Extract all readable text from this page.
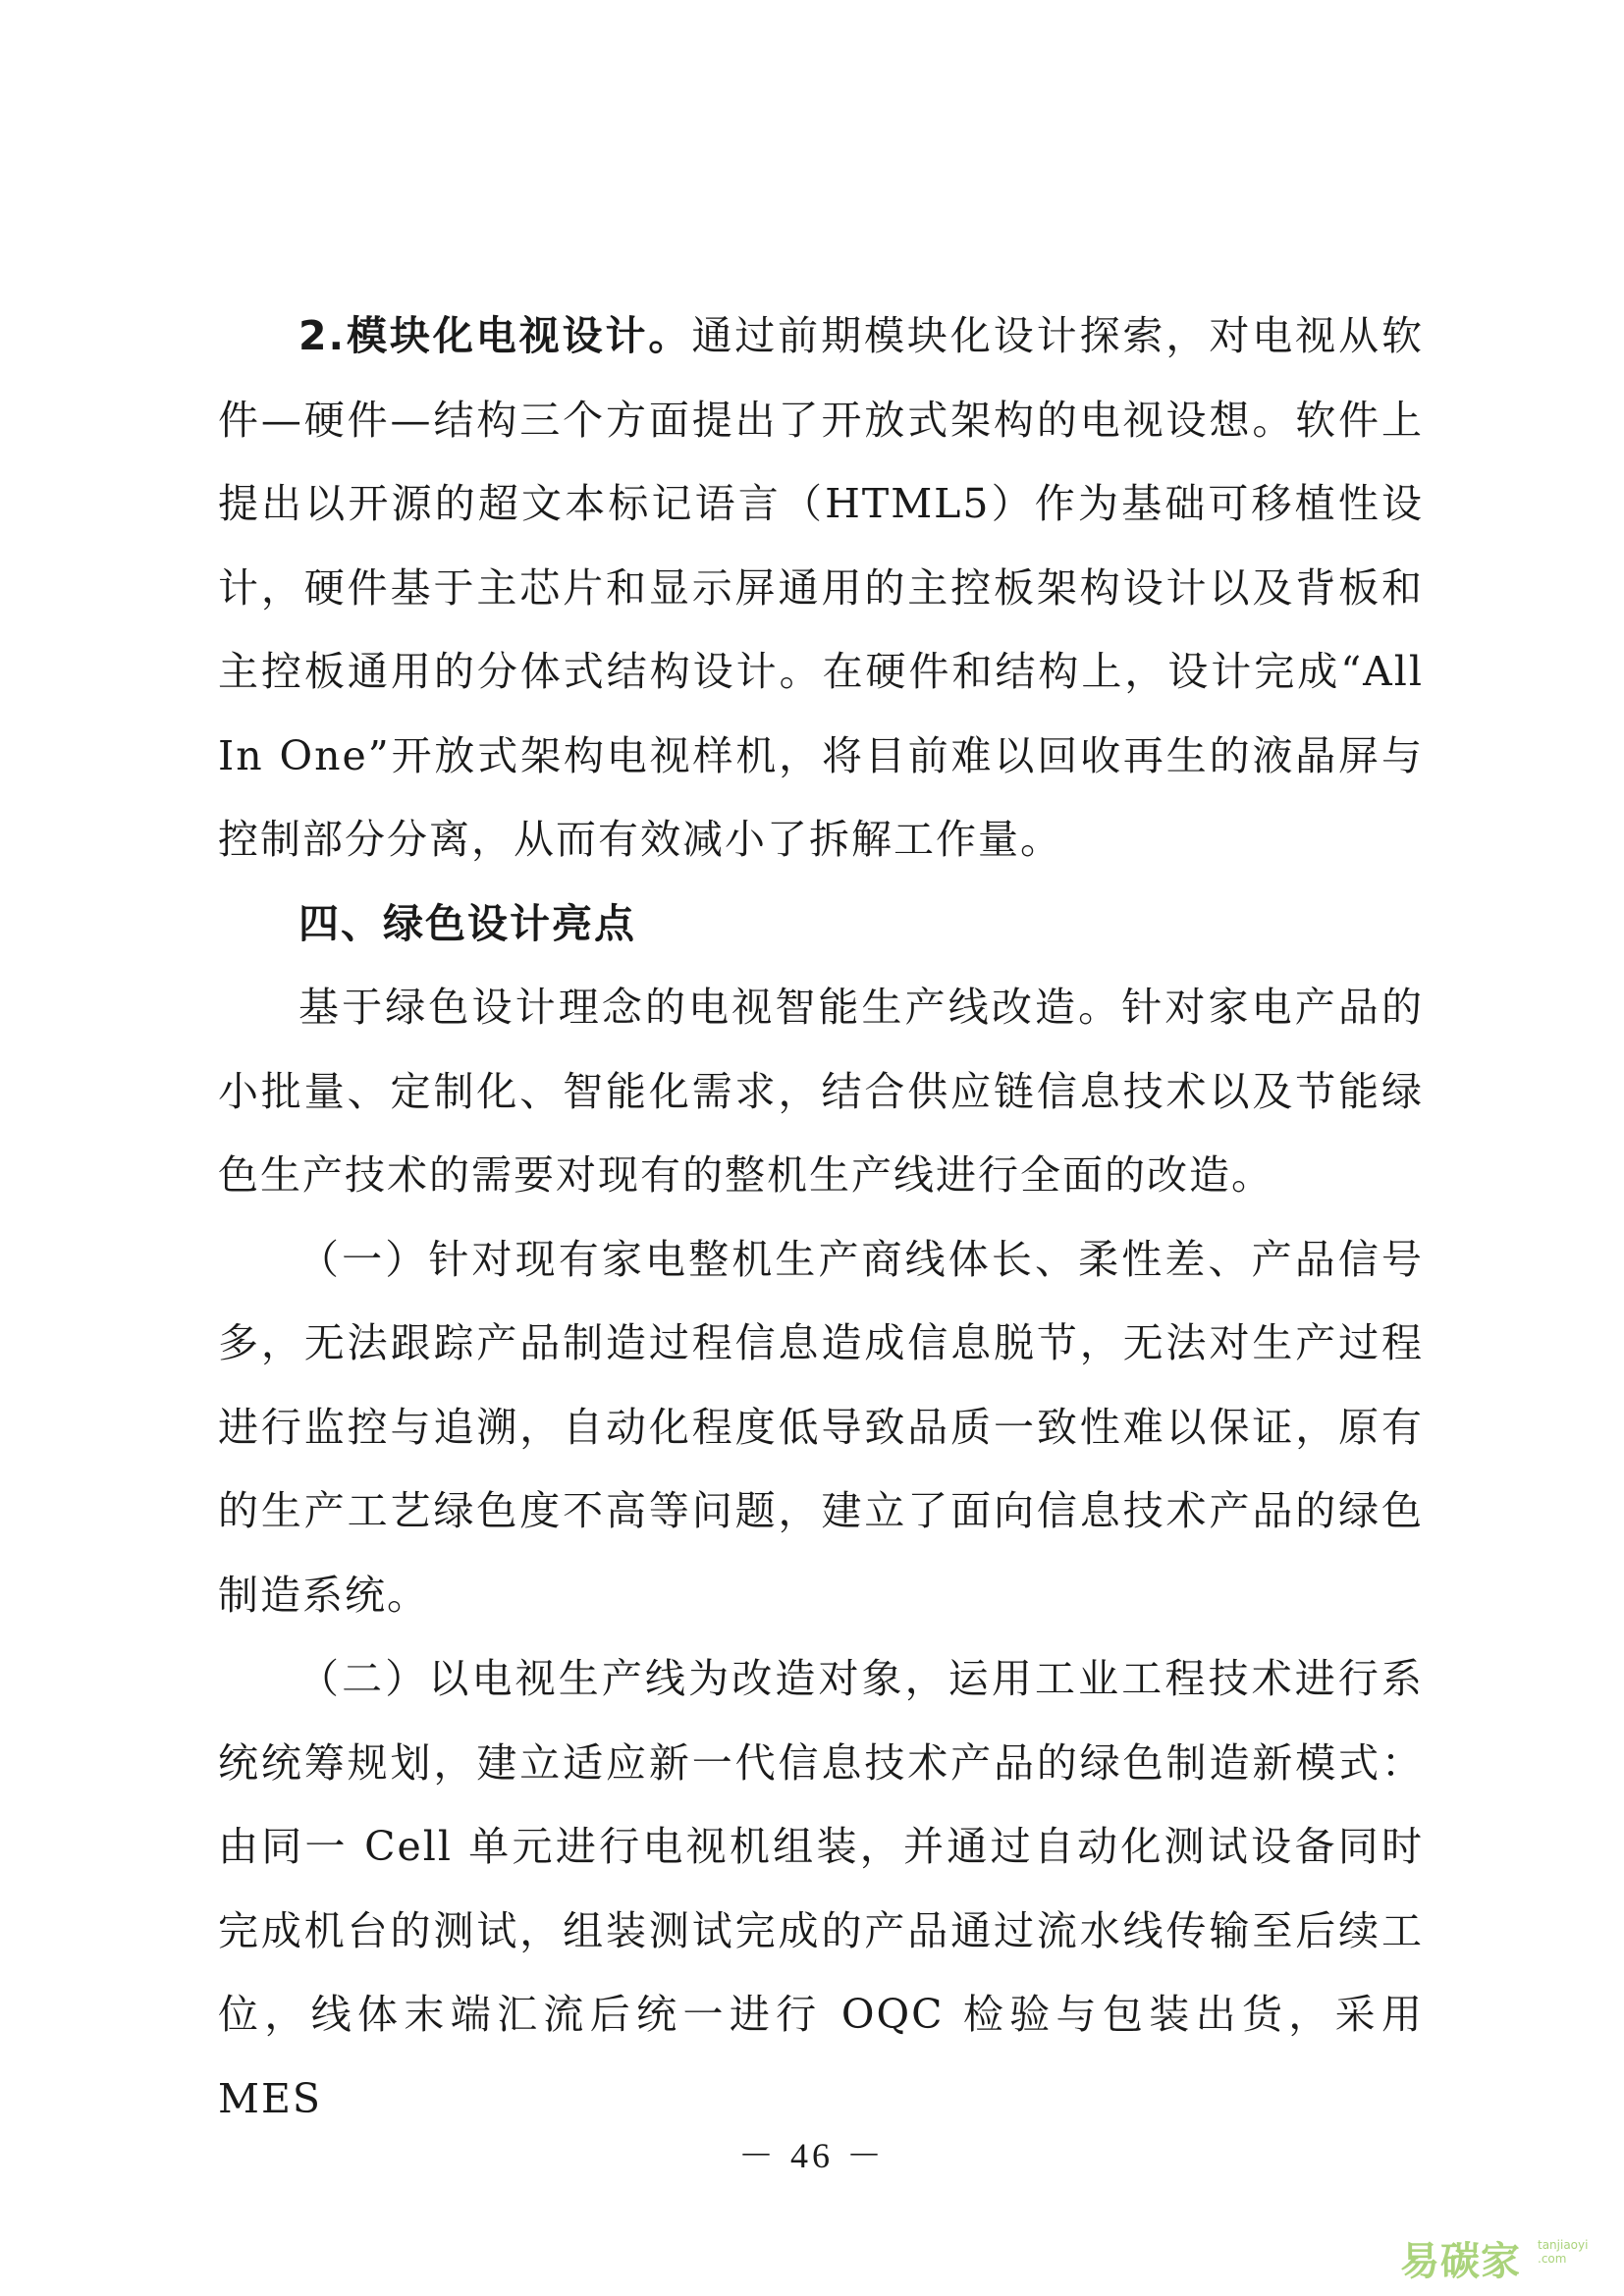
2.模块化电视设计。通过前期模块化设计探索，对电视从软件—硬件—结构三个方面提出了开放式架构的电视设想。软件上提出以开源的超文本标记语言（HTML5）作为基础可移植性设计，硬件基于主芯片和显示屏通用的主控板架构设计以及背板和主控板通用的分体式结构设计。在硬件和结构上，设计完成“All In One”开放式架构电视样机，将目前难以回收再生的液晶屏与控制部分分离，从而有效减小了拆解工作量。

四、绿色设计亮点

基于绿色设计理念的电视智能生产线改造。针对家电产品的小批量、定制化、智能化需求，结合供应链信息技术以及节能绿色生产技术的需要对现有的整机生产线进行全面的改造。

（一）针对现有家电整机生产商线体长、柔性差、产品信号多，无法跟踪产品制造过程信息造成信息脱节，无法对生产过程进行监控与追溯，自动化程度低导致品质一致性难以保证，原有的生产工艺绿色度不高等问题，建立了面向信息技术产品的绿色制造系统。

（二）以电视生产线为改造对象，运用工业工程技术进行系统统筹规划，建立适应新一代信息技术产品的绿色制造新模式：由同一 Cell 单元进行电视机组装，并通过自动化测试设备同时完成机台的测试，组装测试完成的产品通过流水线传输至后续工位，线体末端汇流后统一进行 OQC 检验与包装出货，采用 MES

－ 46 －
易碳家 tanjiaoyi
.com
